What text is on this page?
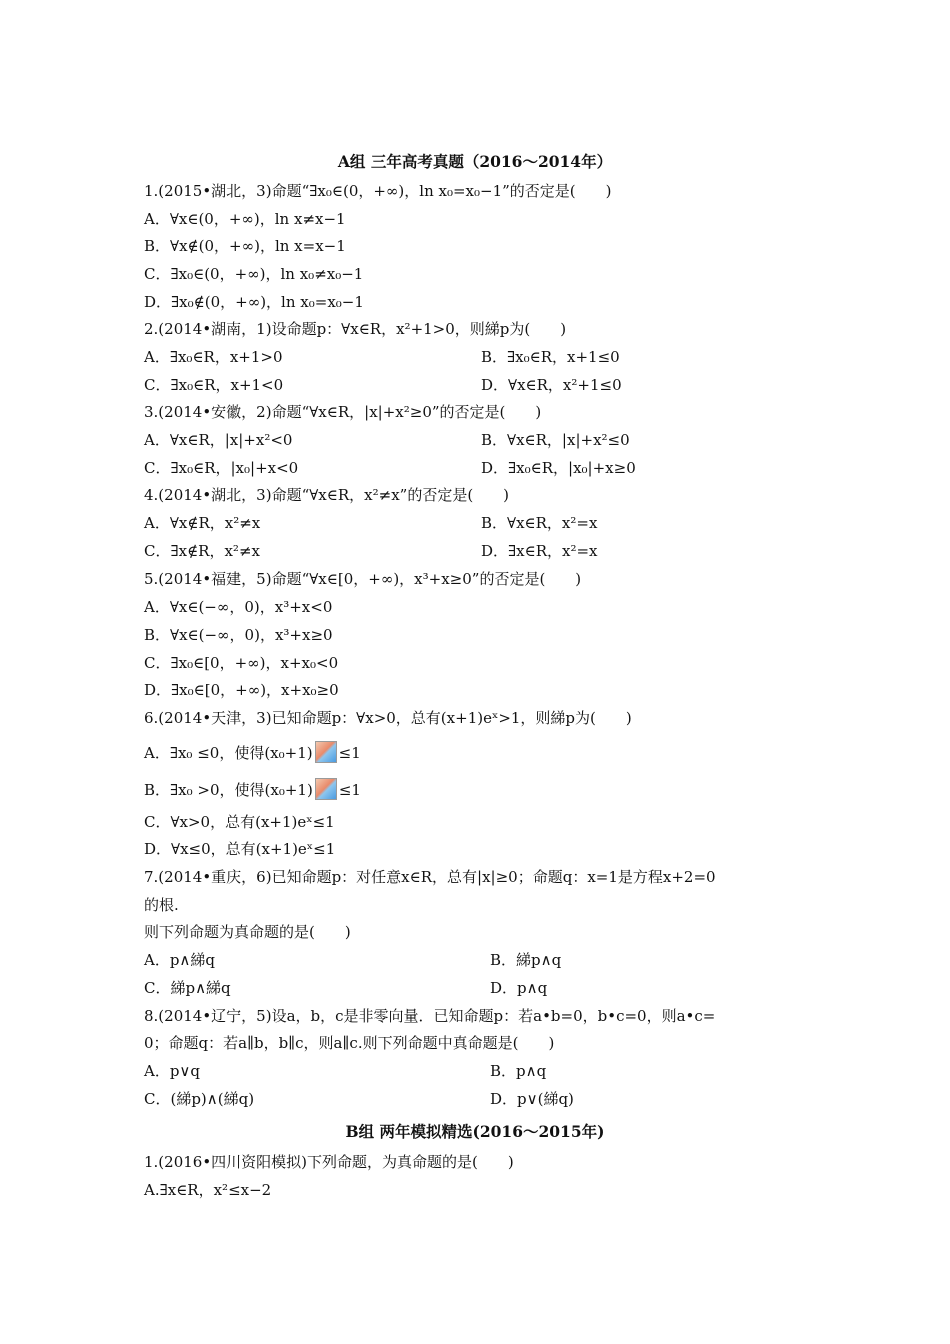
A组 三年高考真题（2016～2014年）
1.(2015•湖北，3)命题“∃x₀∈(0，+∞)，ln x₀=x₀−1”的否定是(　　)
A．∀x∈(0，+∞)，ln x≠x−1
B．∀x∉(0，+∞)，ln x=x−1
C．∃x₀∈(0，+∞)，ln x₀≠x₀−1
D．∃x₀∉(0，+∞)，ln x₀=x₀−1
2.(2014•湖南，1)设命题p：∀x∈R，x²+1>0，则綈p为(　　)
A．∃x₀∈R，x+1>0	B．∃x₀∈R，x+1≤0
C．∃x₀∈R，x+1<0	D．∀x∈R，x²+1≤0
3.(2014•安徽，2)命题“∀x∈R，|x|+x²≥0”的否定是(　　)
A．∀x∈R，|x|+x²<0	B．∀x∈R，|x|+x²≤0
C．∃x₀∈R，|x₀|+x<0	D．∃x₀∈R，|x₀|+x≥0
4.(2014•湖北，3)命题“∀x∈R，x²≠x”的否定是(　　)
A．∀x∉R，x²≠x	B．∀x∈R，x²=x
C．∃x∉R，x²≠x	D．∃x∈R，x²=x
5.(2014•福建，5)命题“∀x∈[0，+∞)，x³+x≥0”的否定是(　　)
A．∀x∈(−∞，0)，x³+x<0
B．∀x∈(−∞，0)，x³+x≥0
C．∃x₀∈[0，+∞)，x+x₀<0
D．∃x₀∈[0，+∞)，x+x₀≥0
6.(2014•天津，3)已知命题p：∀x>0，总有(x+1)eˣ>1，则綈p为(　　)
A．∃x₀ ≤0，使得(x₀+1) ≤1
B．∃x₀ >0，使得(x₀+1) ≤1
C．∀x>0，总有(x+1)eˣ≤1
D．∀x≤0，总有(x+1)eˣ≤1
7.(2014•重庆，6)已知命题p：对任意x∈R，总有|x|≥0；命题q：x=1是方程x+2=0
的根.
则下列命题为真命题的是(　　)
A．p∧綈q	B．綈p∧q
C．綈p∧綈q	D．p∧q
8.(2014•辽宁，5)设a，b，c是非零向量．已知命题p：若a•b=0，b•c=0，则a•c=
0；命题q：若a∥b，b∥c，则a∥c.则下列命题中真命题是(　　)
A．p∨q	B．p∧q
C．(綈p)∧(綈q)	D．p∨(綈q)
B组 两年模拟精选(2016～2015年)
1.(2016•四川资阳模拟)下列命题，为真命题的是(　　)
A.∃x∈R，x²≤x−2
